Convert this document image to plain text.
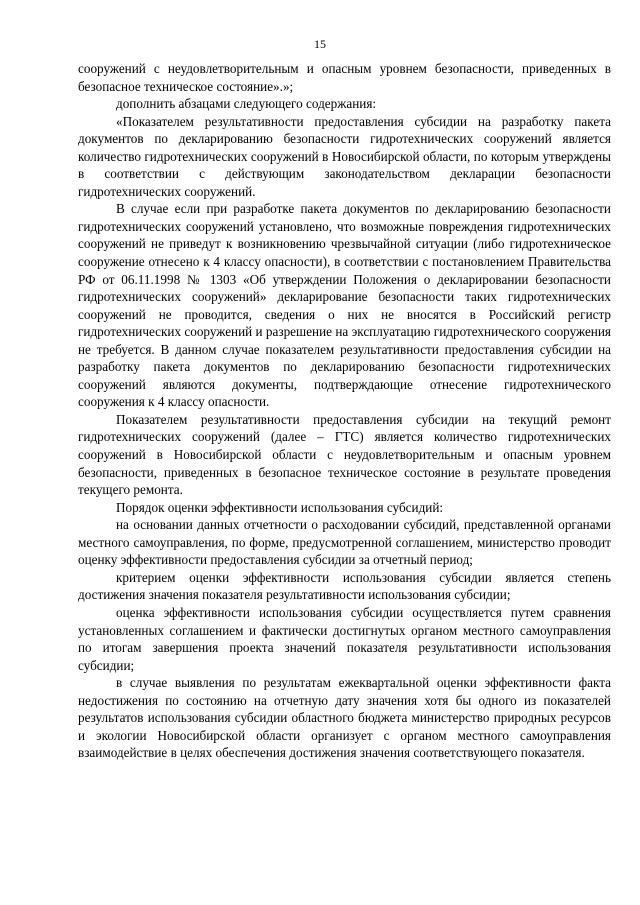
15

сооружений с неудовлетворительным и опасным уровнем безопасности, приведенных в безопасное техническое состояние».»;

дополнить абзацами следующего содержания:

«Показателем результативности предоставления субсидии на разработку пакета документов по декларированию безопасности гидротехнических сооружений является количество гидротехнических сооружений в Новосибирской области, по которым утверждены в соответствии с действующим законодательством декларации безопасности гидротехнических сооружений.

В случае если при разработке пакета документов по декларированию безопасности гидротехнических сооружений установлено, что возможные повреждения гидротехнических сооружений не приведут к возникновению чрезвычайной ситуации (либо гидротехническое сооружение отнесено к 4 классу опасности), в соответствии с постановлением Правительства РФ от 06.11.1998 № 1303 «Об утверждении Положения о декларировании безопасности гидротехнических сооружений» декларирование безопасности таких гидротехнических сооружений не проводится, сведения о них не вносятся в Российский регистр гидротехнических сооружений и разрешение на эксплуатацию гидротехнического сооружения не требуется. В данном случае показателем результативности предоставления субсидии на разработку пакета документов по декларированию безопасности гидротехнических сооружений являются документы, подтверждающие отнесение гидротехнического сооружения к 4 классу опасности.

Показателем результативности предоставления субсидии на текущий ремонт гидротехнических сооружений (далее – ГТС) является количество гидротехнических сооружений в Новосибирской области с неудовлетворительным и опасным уровнем безопасности, приведенных в безопасное техническое состояние в результате проведения текущего ремонта.

Порядок оценки эффективности использования субсидий:

на основании данных отчетности о расходовании субсидий, представленной органами местного самоуправления, по форме, предусмотренной соглашением, министерство проводит оценку эффективности предоставления субсидии за отчетный период;

критерием оценки эффективности использования субсидии является степень достижения значения показателя результативности использования субсидии;

оценка эффективности использования субсидии осуществляется путем сравнения установленных соглашением и фактически достигнутых органом местного самоуправления по итогам завершения проекта значений показателя результативности использования субсидии;

в случае выявления по результатам ежеквартальной оценки эффективности факта недостижения по состоянию на отчетную дату значения хотя бы одного из показателей результатов использования субсидии областного бюджета министерство природных ресурсов и экологии Новосибирской области организует с органом местного самоуправления взаимодействие в целях обеспечения достижения значения соответствующего показателя.
